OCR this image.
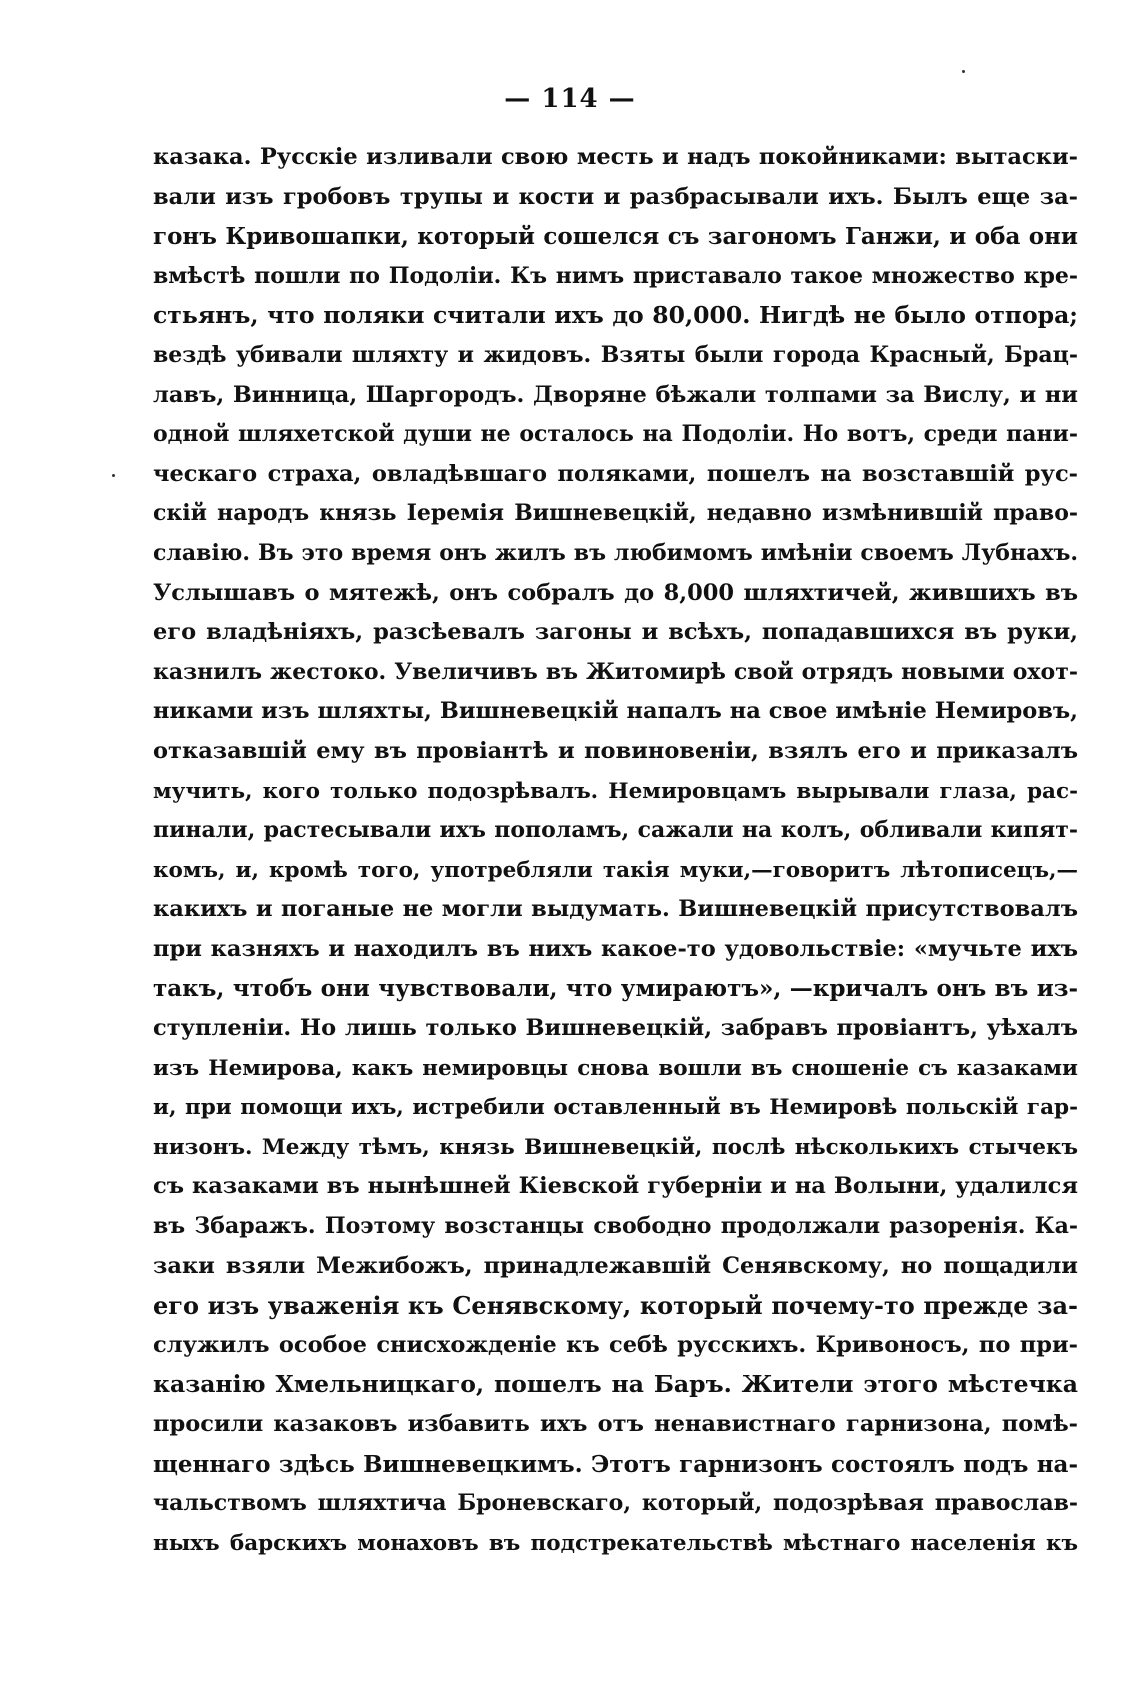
— 114 —
казака. Русскіе изливали свою месть и надъ покойниками: вытаски-
вали изъ гробовъ трупы и кости и разбрасывали ихъ. Былъ еще за-
гонъ Кривошапки, который сошелся съ загономъ Ганжи, и оба они
вмѣстѣ пошли по Подоліи. Къ нимъ приставало такое множество кре-
стьянъ, что поляки считали ихъ до 80,000. Нигдѣ не было отпора;
вездѣ убивали шляхту и жидовъ. Взяты были города Красный, Брац-
лавъ, Винница, Шаргородъ. Дворяне бѣжали толпами за Вислу, и ни
одной шляхетской души не осталось на Подоліи. Но вотъ, среди пани-
ческаго страха, овладѣвшаго поляками, пошелъ на возставшій рус-
скій народъ князь Іеремія Вишневецкій, недавно измѣнившій право-
славію. Въ это время онъ жилъ въ любимомъ имѣніи своемъ Лубнахъ.
Услышавъ о мятежѣ, онъ собралъ до 8,000 шляхтичей, жившихъ въ
его владѣніяхъ, разсѣевалъ загоны и всѣхъ, попадавшихся въ руки,
казнилъ жестоко. Увеличивъ въ Житомирѣ свой отрядъ новыми охот-
никами изъ шляхты, Вишневецкій напалъ на свое имѣніе Немировъ,
отказавшій ему въ провіантѣ и повиновеніи, взялъ его и приказалъ
мучить, кого только подозрѣвалъ. Немировцамъ вырывали глаза, рас-
пинали, растесывали ихъ пополамъ, сажали на колъ, обливали кипят-
комъ, и, кромѣ того, употребляли такія муки,—говоритъ лѣтописецъ,—
какихъ и поганые не могли выдумать. Вишневецкій присутствовалъ
при казняхъ и находилъ въ нихъ какое-то удовольствіе: «мучьте ихъ
такъ, чтобъ они чувствовали, что умираютъ», —кричалъ онъ въ из-
ступленіи. Но лишь только Вишневецкій, забравъ провіантъ, уѣхалъ
изъ Немирова, какъ немировцы снова вошли въ сношеніе съ казаками
и, при помощи ихъ, истребили оставленный въ Немировѣ польскій гар-
низонъ. Между тѣмъ, князь Вишневецкій, послѣ нѣсколькихъ стычекъ
съ казаками въ нынѣшней Кіевской губерніи и на Волыни, удалился
въ Збаражъ. Поэтому возстанцы свободно продолжали разоренія. Ка-
заки взяли Межибожъ, принадлежавшій Сенявскому, но пощадили
его изъ уваженія къ Сенявскому, который почему-то прежде за-
служилъ особое снисхожденіе къ себѣ русскихъ. Кривоносъ, по при-
казанію Хмельницкаго, пошелъ на Баръ. Жители этого мѣстечка
просили казаковъ избавить ихъ отъ ненавистнаго гарнизона, помѣ-
щеннаго здѣсь Вишневецкимъ. Этотъ гарнизонъ состоялъ подъ на-
чальствомъ шляхтича Броневскаго, который, подозрѣвая православ-
ныхъ барскихъ монаховъ въ подстрекательствѣ мѣстнаго населенія къ
